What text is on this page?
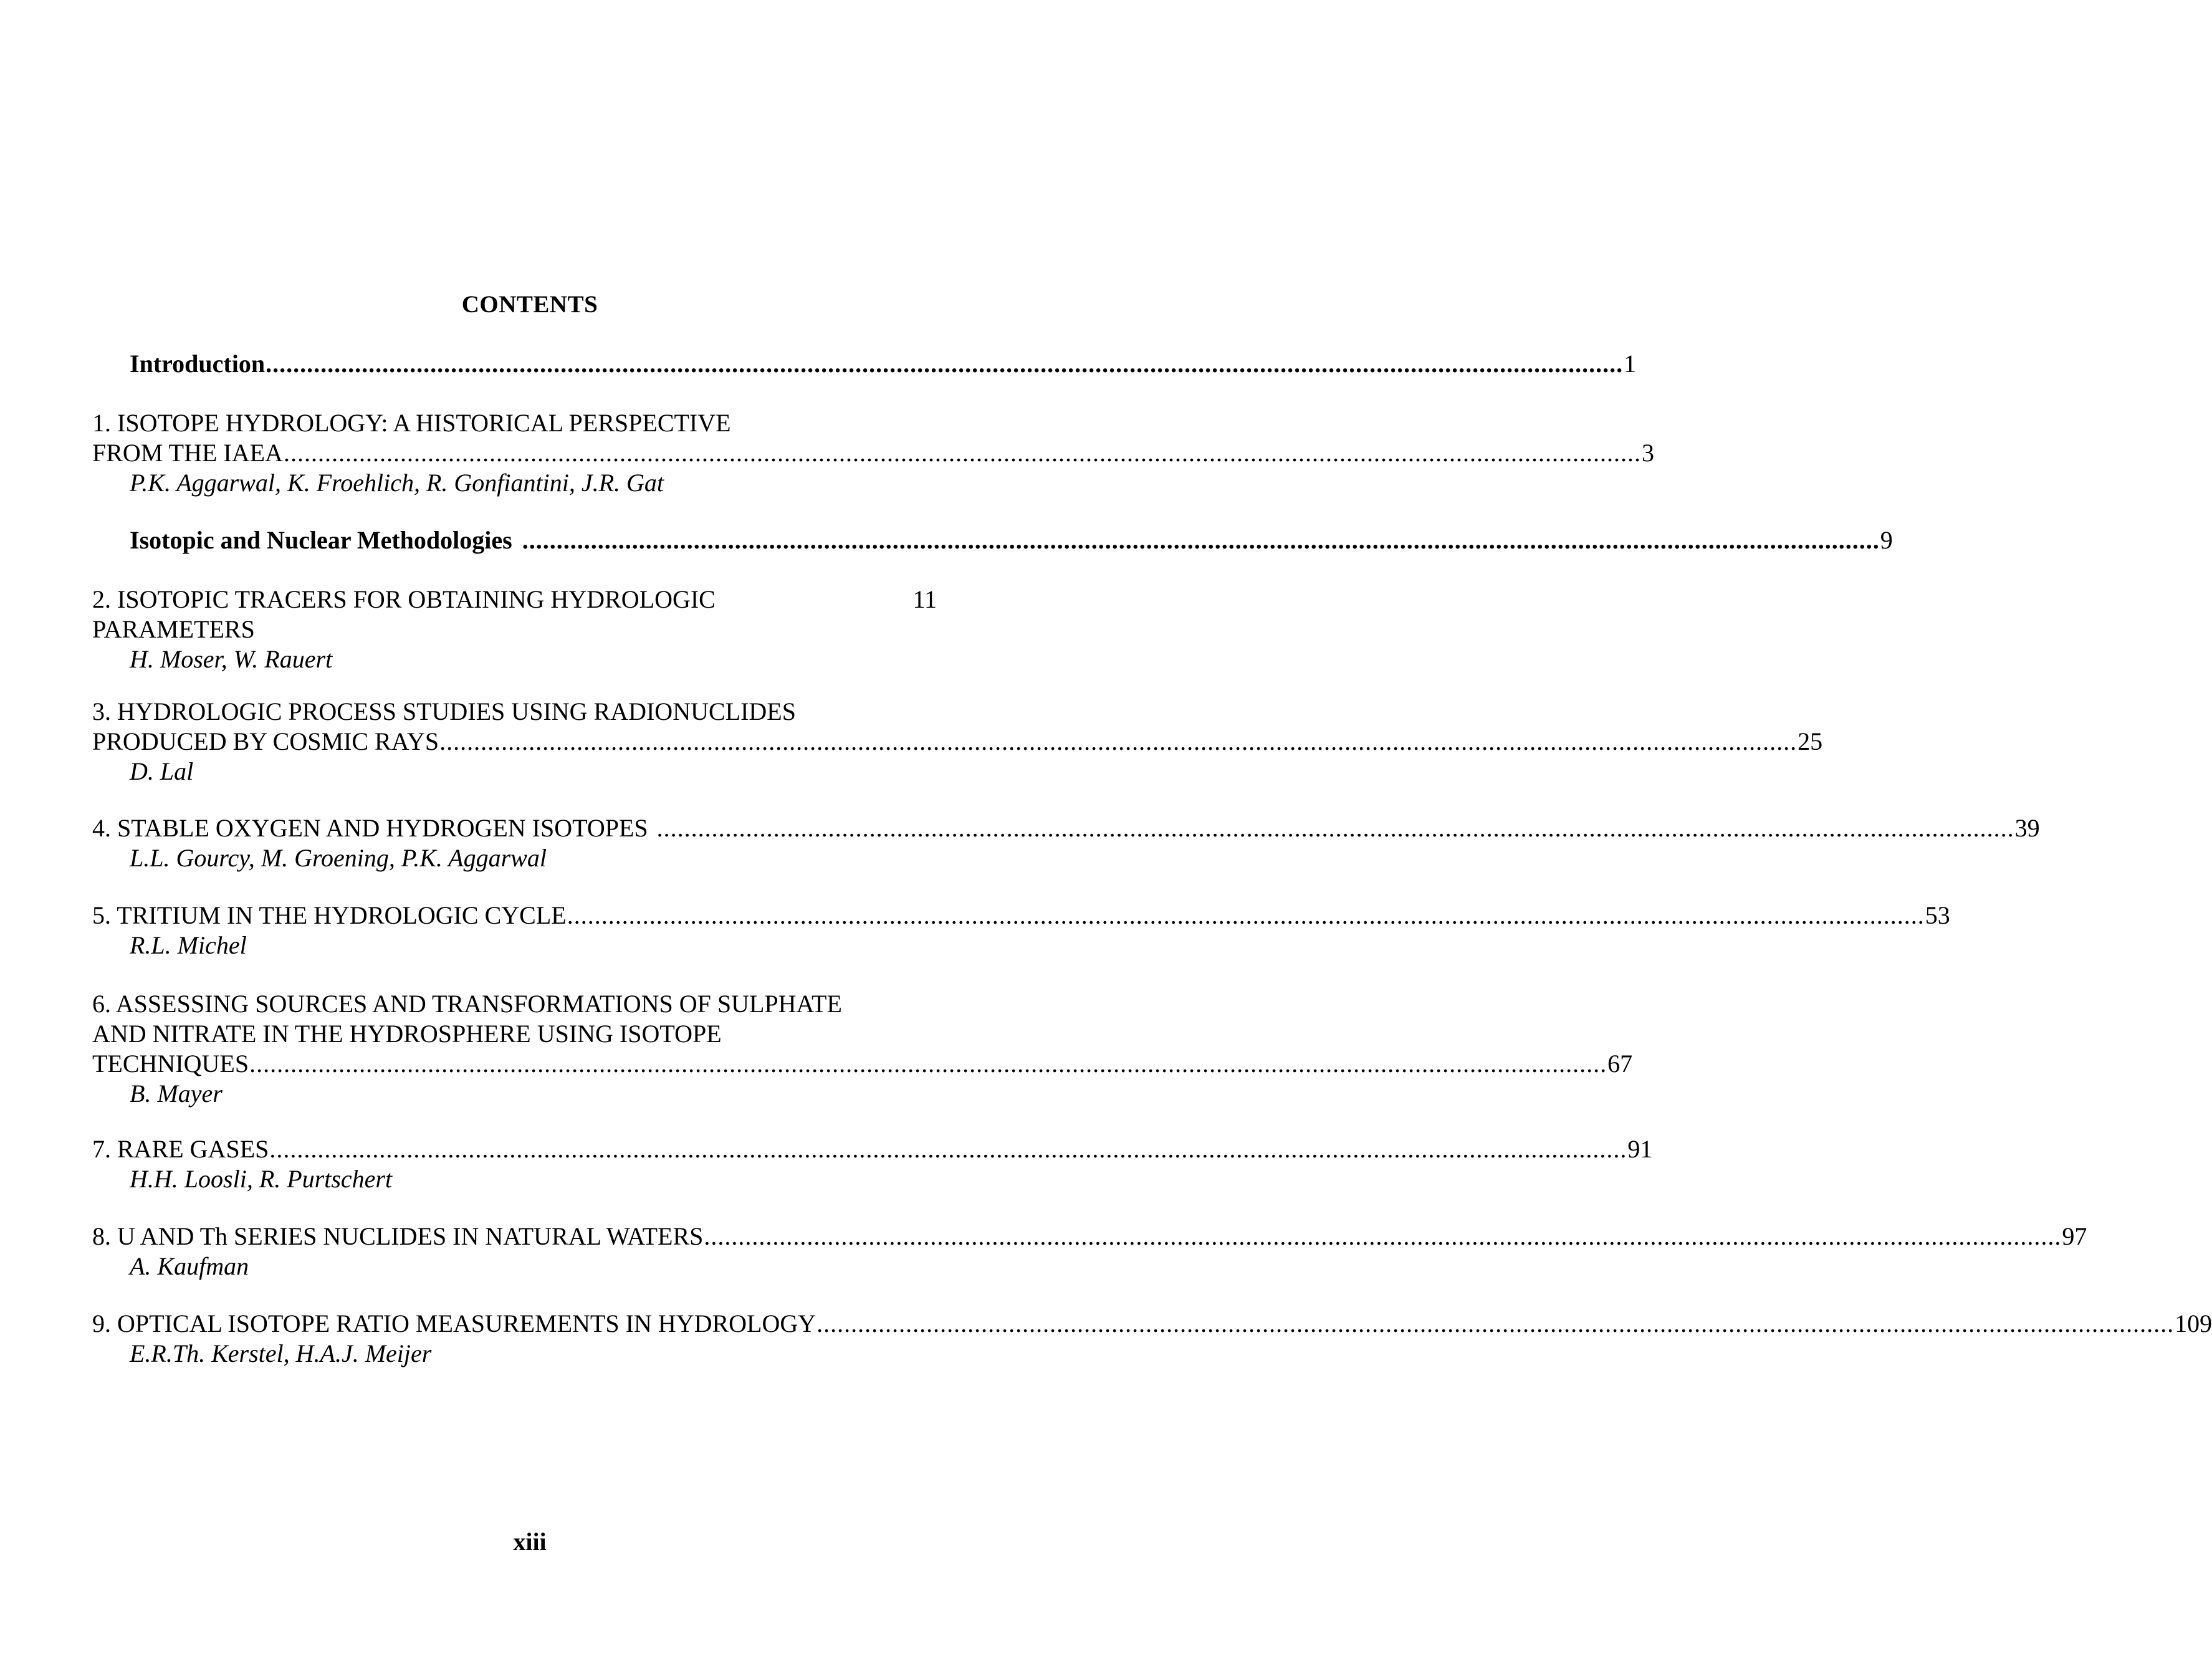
CONTENTS
Introduction ...................................................................................................................................................................................................... 1
1. ISOTOPE HYDROLOGY: A HISTORICAL PERSPECTIVE
FROM THE IAEA ...................................................................................................................................................................................................... 3
P.K. Aggarwal, K. Froehlich, R. Gonfiantini, J.R. Gat
Isotopic and Nuclear Methodologies ...................................................................................................................................................................................................... 9
2. ISOTOPIC TRACERS FOR OBTAINING HYDROLOGIC	11
PARAMETERS
H. Moser, W. Rauert
3. HYDROLOGIC PROCESS STUDIES USING RADIONUCLIDES
PRODUCED BY COSMIC RAYS ...................................................................................................................................................................................................... 25
D. Lal
4. STABLE OXYGEN AND HYDROGEN ISOTOPES ...................................................................................................................................................................................................... 39
L.L. Gourcy, M. Groening, P.K. Aggarwal
5. TRITIUM IN THE HYDROLOGIC CYCLE ...................................................................................................................................................................................................... 53
R.L. Michel
6. ASSESSING SOURCES AND TRANSFORMATIONS OF SULPHATE
AND NITRATE IN THE HYDROSPHERE USING ISOTOPE
TECHNIQUES ...................................................................................................................................................................................................... 67
B. Mayer
7. RARE GASES ...................................................................................................................................................................................................... 91
H.H. Loosli, R. Purtschert
8. U AND Th SERIES NUCLIDES IN NATURAL WATERS ...................................................................................................................................................................................................... 97
A. Kaufman
9. OPTICAL ISOTOPE RATIO MEASUREMENTS IN HYDROLOGY ...................................................................................................................................................................................................... 109
E.R.Th. Kerstel, H.A.J. Meijer
xiii
